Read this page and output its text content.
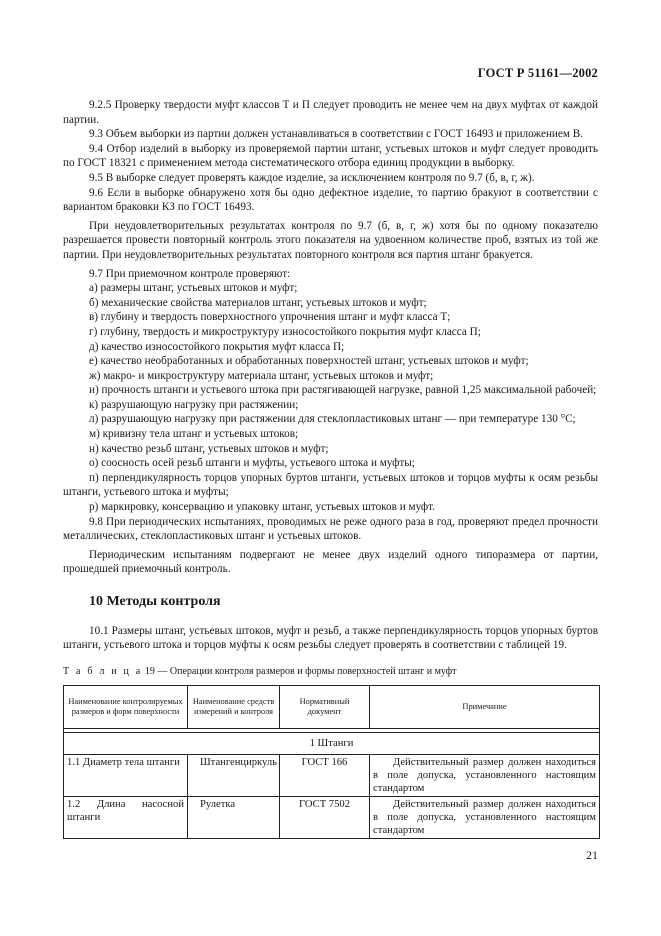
ГОСТ Р 51161—2002

9.2.5 Проверку твердости муфт классов Т и П следует проводить не менее чем на двух муфтах от каждой партии.

9.3 Объем выборки из партии должен устанавливаться в соответствии с ГОСТ 16493 и приложением В.

9.4 Отбор изделий в выборку из проверяемой партии штанг, устьевых штоков и муфт следует проводить по ГОСТ 18321 с применением метода систематического отбора единиц продукции в выборку.

9.5 В выборке следует проверять каждое изделие, за исключением контроля по 9.7 (б, в, г, ж).

9.6 Если в выборке обнаружено хотя бы одно дефектное изделие, то партию бракуют в соответствии с вариантом браковки КЗ по ГОСТ 16493.

При неудовлетворительных результатах контроля по 9.7 (б, в, г, ж) хотя бы по одному показателю разрешается провести повторный контроль этого показателя на удвоенном количестве проб, взятых из той же партии. При неудовлетворительных результатах повторного контроля вся партия штанг бракуется.

9.7 При приемочном контроле проверяют:

а) размеры штанг, устьевых штоков и муфт;

б) механические свойства материалов штанг, устьевых штоков и муфт;

в) глубину и твердость поверхностного упрочнения штанг и муфт класса Т;

г) глубину, твердость и микроструктуру износостойкого покрытия муфт класса П;

д) качество износостойкого покрытия муфт класса П;

е) качество необработанных и обработанных поверхностей штанг, устьевых штоков и муфт;

ж) макро- и микроструктуру материала штанг, устьевых штоков и муфт;

и) прочность штанги и устьевого штока при растягивающей нагрузке, равной 1,25 максимальной рабочей;

к) разрушающую нагрузку при растяжении;

л) разрушающую нагрузку при растяжении для стеклопластиковых штанг — при температуре 130 °С;

м) кривизну тела штанг и устьевых штоков;

н) качество резьб штанг, устьевых штоков и муфт;

о) соосность осей резьб штанги и муфты, устьевого штока и муфты;

п) перпендикулярность торцов упорных буртов штанги, устьевых штоков и торцов муфты к осям резьбы штанги, устьевого штока и муфты;

р) маркировку, консервацию и упаковку штанг, устьевых штоков и муфт.

9.8 При периодических испытаниях, проводимых не реже одного раза в год, проверяют предел прочности металлических, стеклопластиковых штанг и устьевых штоков.

Периодическим испытаниям подвергают не менее двух изделий одного типоразмера от партии, прошедшей приемочный контроль.

10 Методы контроля

10.1 Размеры штанг, устьевых штоков, муфт и резьб, а также перпендикулярность торцов упорных буртов штанги, устьевого штока и торцов муфты к осям резьбы следует проверять в соответствии с таблицей 19.

Т а б л и ц а 19 — Операции контроля размеров и формы поверхностей штанг и муфт
Наименование контролируемых размеров и форм поверхности	Наименование средств измерений и контроля	Нормативный документ	Примечание

1 Штанги			
1.1 Диаметр тела штанги	Штангенциркуль	ГОСТ 166	Действительный размер должен находиться в поле допуска, установленного настоящим стандартом
1.2 Длина насосной штанги	Рулетка	ГОСТ 7502	Действительный размер должен находиться в поле допуска, установленного настоящим стандартом
21
